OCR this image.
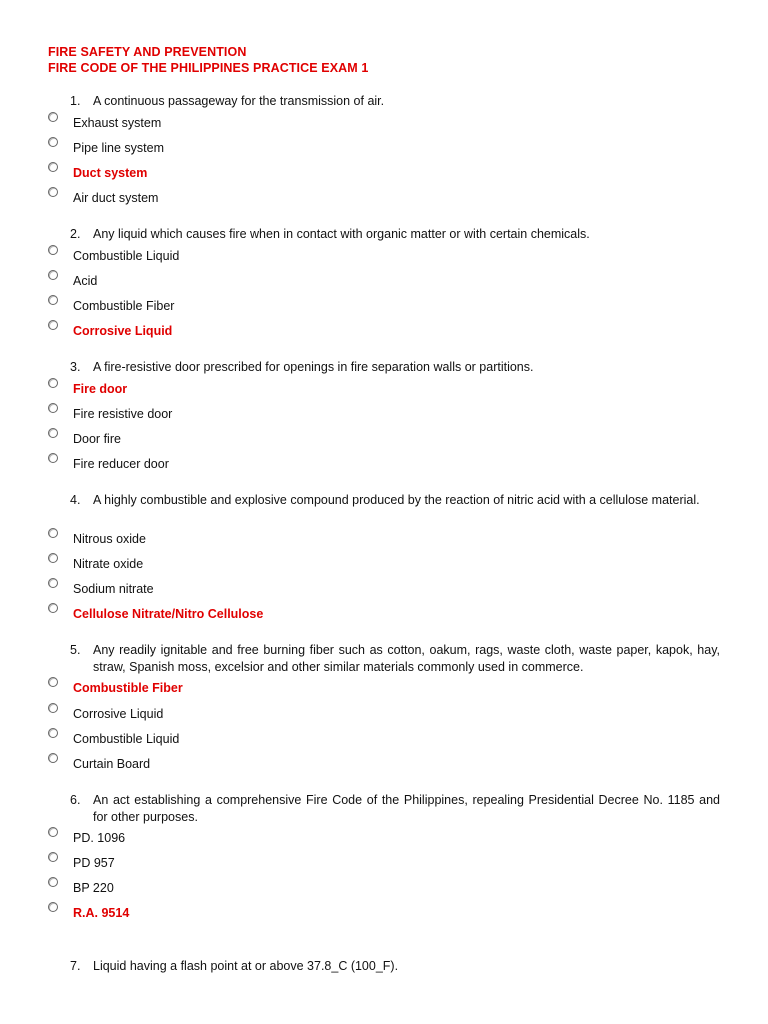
FIRE SAFETY AND PREVENTION
FIRE CODE OF THE PHILIPPINES PRACTICE EXAM 1
1.	A continuous passageway for the transmission of air.
Exhaust system
Pipe line system
Duct system
Air duct system
2.	Any liquid which causes fire when in contact with organic matter or with certain chemicals.
Combustible Liquid
Acid
Combustible Fiber
Corrosive Liquid
3.	A fire-resistive door prescribed for openings in fire separation walls or partitions.
Fire door
Fire resistive door
Door fire
Fire reducer door
4.	A highly combustible and explosive compound produced by the reaction of nitric acid with a cellulose material.
Nitrous oxide
Nitrate oxide
Sodium nitrate
Cellulose Nitrate/Nitro Cellulose
5.	Any readily ignitable and free burning fiber such as cotton, oakum, rags, waste cloth, waste paper, kapok, hay, straw, Spanish moss, excelsior and other similar materials commonly used in commerce.
Combustible Fiber
Corrosive Liquid
Combustible Liquid
Curtain Board
6.	An act establishing a comprehensive Fire Code of the Philippines, repealing Presidential Decree No. 1185 and for other purposes.
PD. 1096
PD 957
BP 220
R.A. 9514
7.	Liquid having a flash point at or above 37.8_C (100_F).
